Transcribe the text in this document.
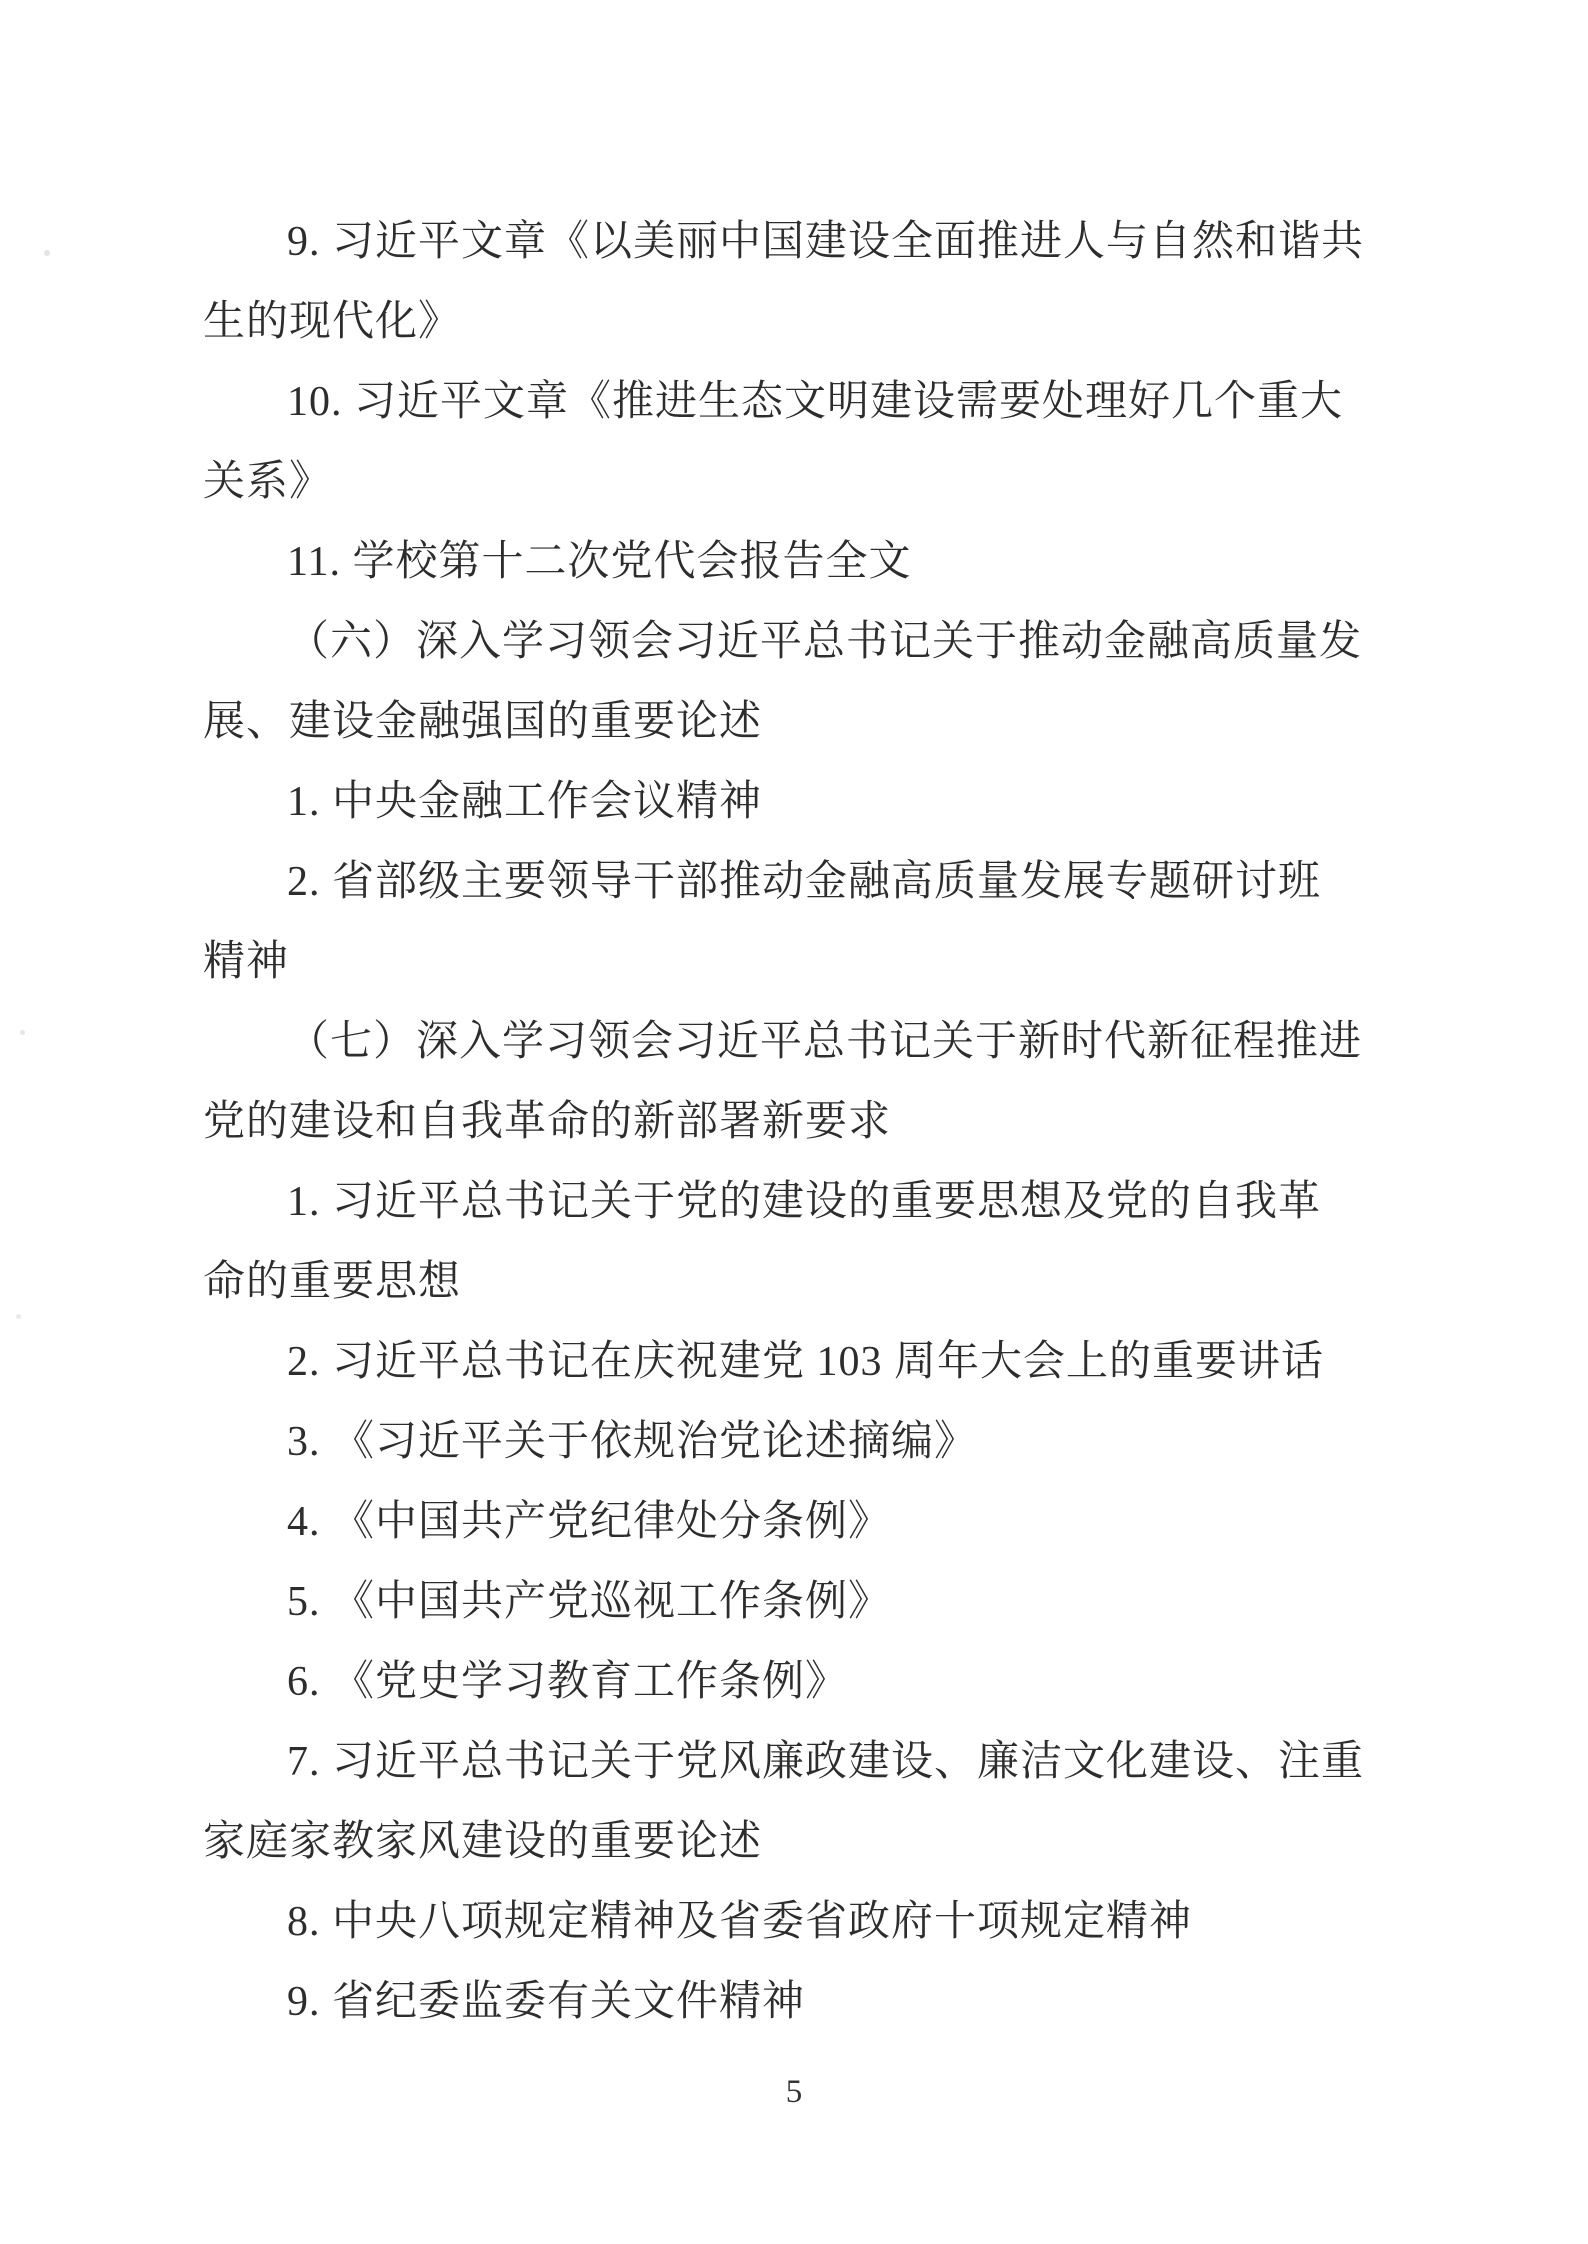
9. 习近平文章《以美丽中国建设全面推进人与自然和谐共
生的现代化》
10. 习近平文章《推进生态文明建设需要处理好几个重大
关系》
11. 学校第十二次党代会报告全文
（六）深入学习领会习近平总书记关于推动金融高质量发
展、建设金融强国的重要论述
1. 中央金融工作会议精神
2. 省部级主要领导干部推动金融高质量发展专题研讨班
精神
（七）深入学习领会习近平总书记关于新时代新征程推进
党的建设和自我革命的新部署新要求
1. 习近平总书记关于党的建设的重要思想及党的自我革
命的重要思想
2. 习近平总书记在庆祝建党 103 周年大会上的重要讲话
3. 《习近平关于依规治党论述摘编》
4. 《中国共产党纪律处分条例》
5. 《中国共产党巡视工作条例》
6. 《党史学习教育工作条例》
7. 习近平总书记关于党风廉政建设、廉洁文化建设、注重
家庭家教家风建设的重要论述
8. 中央八项规定精神及省委省政府十项规定精神
9. 省纪委监委有关文件精神
5
